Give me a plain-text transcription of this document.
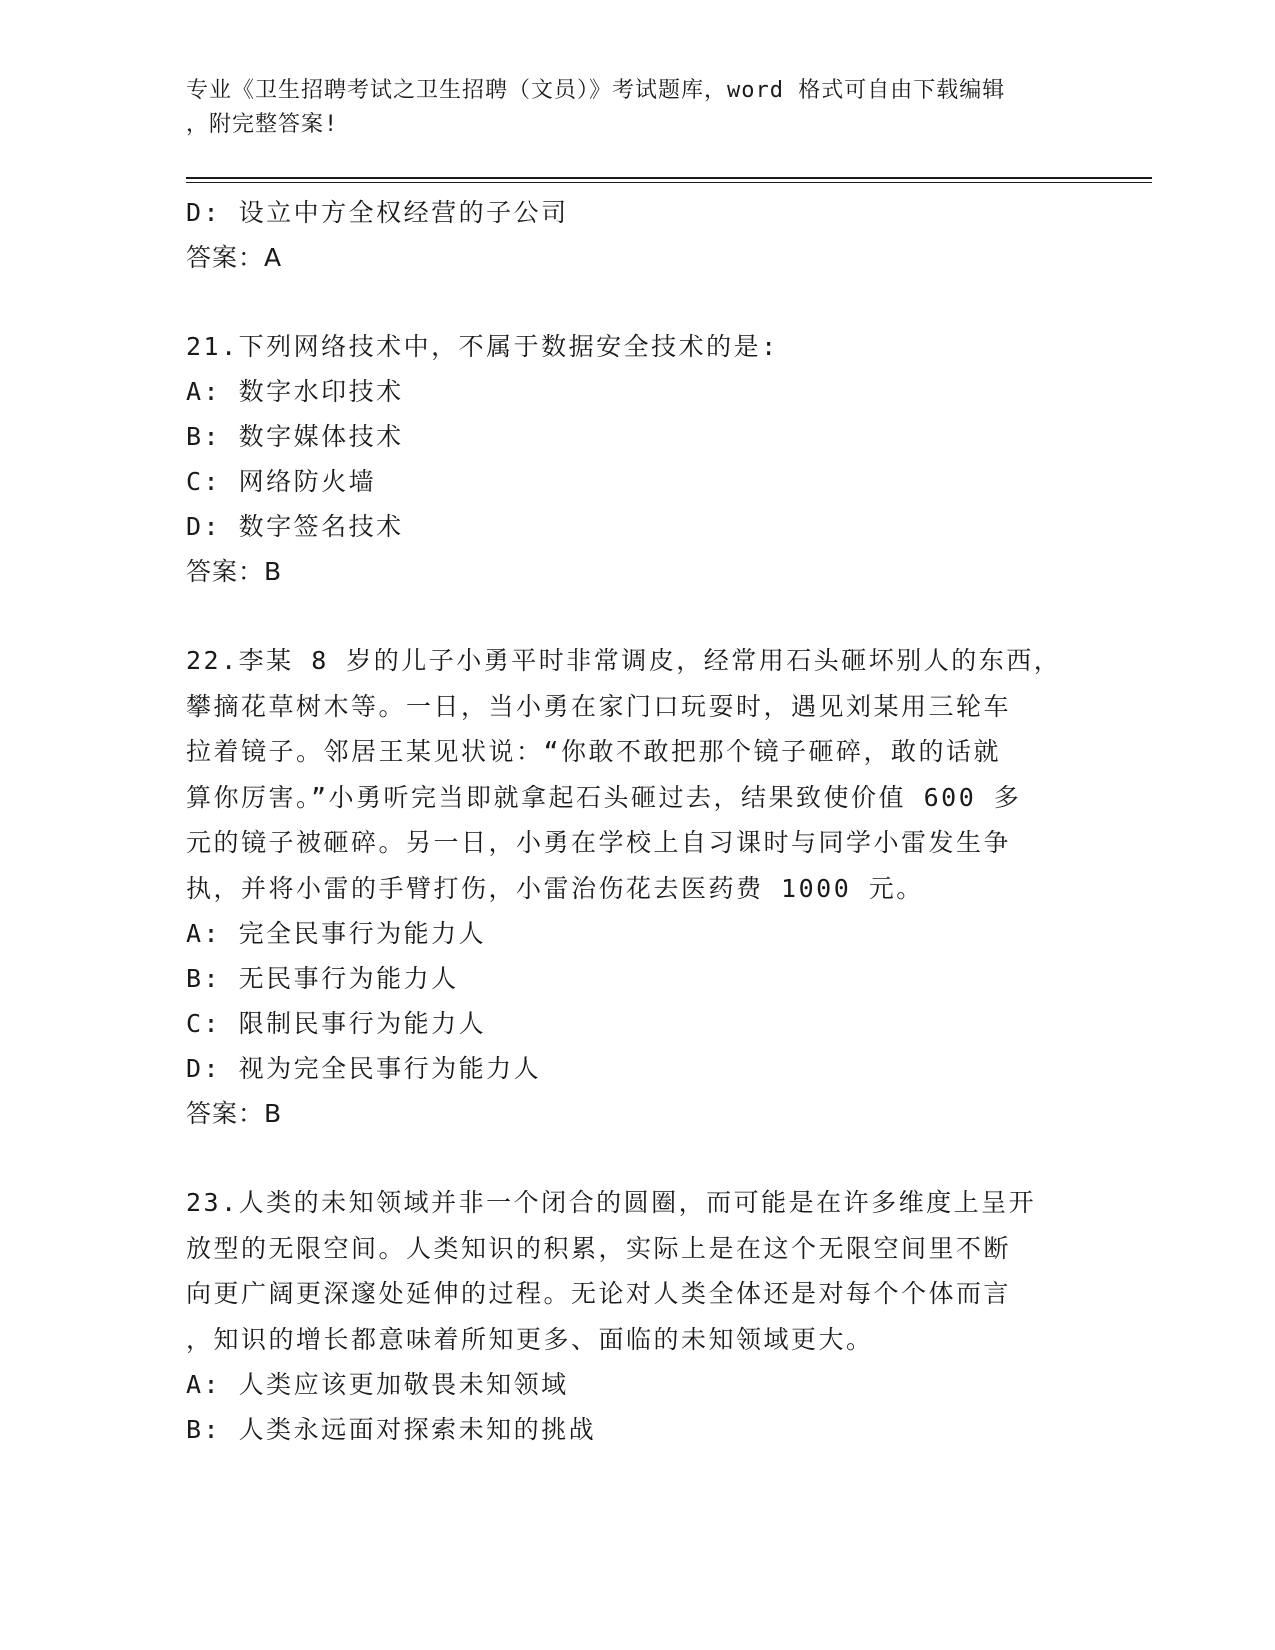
专业《卫生招聘考试之卫生招聘（文员）》考试题库，word 格式可自由下载编辑
，附完整答案!
D: 设立中方全权经营的子公司
答案：A
21.下列网络技术中，不属于数据安全技术的是:
A: 数字水印技术
B: 数字媒体技术
C: 网络防火墙
D: 数字签名技术
答案：B
22.李某 8 岁的儿子小勇平时非常调皮，经常用石头砸坏别人的东西，
攀摘花草树木等。一日，当小勇在家门口玩耍时，遇见刘某用三轮车
拉着镜子。邻居王某见状说：“你敢不敢把那个镜子砸碎，敢的话就
算你厉害。”小勇听完当即就拿起石头砸过去，结果致使价值 600 多
元的镜子被砸碎。另一日，小勇在学校上自习课时与同学小雷发生争
执，并将小雷的手臂打伤，小雷治伤花去医药费 1000 元。
A: 完全民事行为能力人
B: 无民事行为能力人
C: 限制民事行为能力人
D: 视为完全民事行为能力人
答案：B
23.人类的未知领域并非一个闭合的圆圈，而可能是在许多维度上呈开
放型的无限空间。人类知识的积累，实际上是在这个无限空间里不断
向更广阔更深邃处延伸的过程。无论对人类全体还是对每个个体而言
，知识的增长都意味着所知更多、面临的未知领域更大。
A: 人类应该更加敬畏未知领域
B: 人类永远面对探索未知的挑战
